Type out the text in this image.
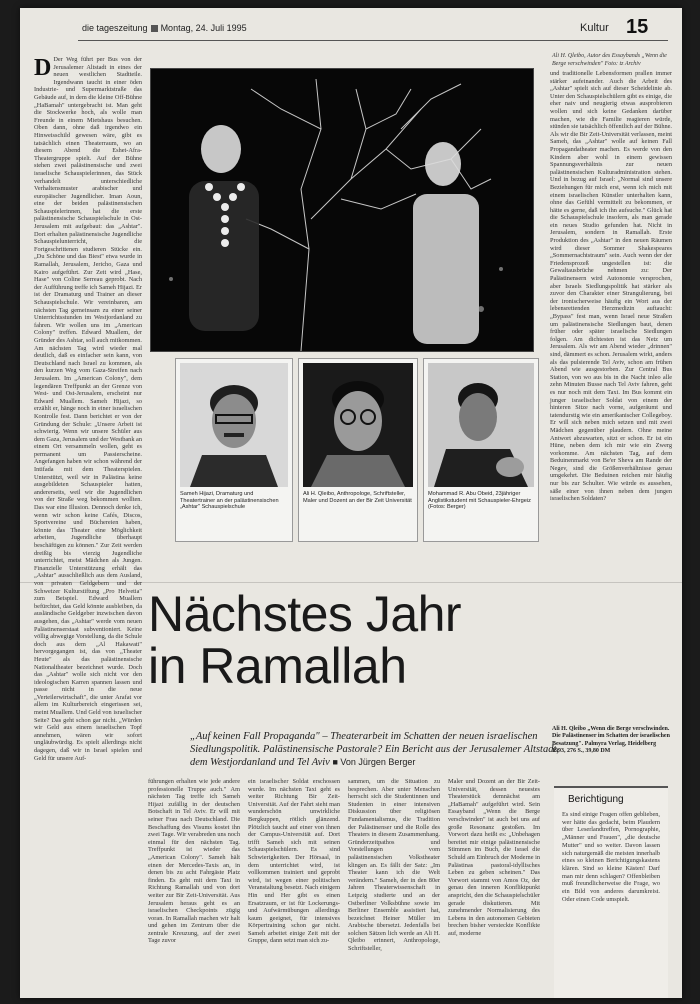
die tageszeitung Montag, 24. Juli 1995	Kultur 15
D Der Weg führt per Bus von der Jerusalemer Altstadt in eines der neuen westlichen Stadtteile. Irgendwann taucht in einer öden Industrie- und Supermarktstraße das Gebäude auf, in dem die kleine Off-Bühne „HaBamah" untergebracht ist. Man geht die Stockwerke hoch, als wolle man Freunde in einem Mietshaus besuchen. Oben dann, ohne daß irgendwo ein Hinweisschild gewesen wäre, gibt es tatsächlich einen Theaterraum, wo an diesem Abend die Eshet-Afra-Theatergruppe spielt. Auf der Bühne stehen zwei palästinensische und zwei israelische Schauspielerinnen, das Stück verhandelt unterschiedliche Verhaltensmuster arabischer und europäischer Jugendlicher. Iman Aoun, eine der beiden palästinensischen Schauspielerinnen, hat die erste palästinensische Schauspielschule in Ost-Jerusalem mit aufgebaut: das „Ashtar". Dort erhalten palästinensische Jugendliche Schauspielunterricht, die Fortgeschrittenen studieren Stücke ein. „Du Schöne und das Biest" etwa wurde in Ramallah, Jerusalem, Jericho, Gaza und Kairo aufgeführt. Zur Zeit wird „Hase, Hase" von Coline Serreau geprobt. Nach der Aufführung treffe ich Sameh Hijazi. Er ist der Dramaturg und Trainer an dieser Schauspielschule. Wir vereinbaren, am nächsten Tag gemeinsam zu einer seiner Unterrichtsstunden im Westjordanland zu fahren. Wir wollen uns im „American Colony" treffen. Edward Muallem, der Gründer des Ashtar, soll auch mitkommen. Am nächsten Tag wird wieder mal deutlich, daß es einfacher sein kann, von Deutschland nach Israel zu kommen, als den kurzen Weg vom Gaza-Streifen nach Jerusalem. Im „American Colony", dem legendären Treffpunkt an der Grenze von West- und Ost-Jerusalem, erscheint nur Edward Muallem. Sameh Hijazi, so erzählt er, hänge noch in einer israelischen Kontrolle fest. Dann berichtet er von der Gründung der Schule: „Unsere Arbeit ist schwierig. Wenn wir unsere Schüler aus dem Gaza, Jerusalem und der Westbank an einem Ort versammeln wollen, geht es permanent um Passierscheine. Angefangen haben wir schon während der Intifada mit dem Theaterspielen. Unterstützt, weil wir in Palästina keine ausgebildeten Schauspieler hatten, andererseits, weil wir die Jugendlichen von der Straße weg bekommen wollten. Das war eine Illusion. Dennoch denke ich, wenn wir schon keine Cafés, Discos, Sportvereine und Büchereien haben, könnte das Theater eine Möglichkeit arbeiten, Jugendliche überhaupt beschäftigen zu können." Zur Zeit werden dreißig bis vierzig Jugendliche unterrichtet, meist Mädchen als Jungen. Finanzielle Unterstützung erhält das „Ashtar" ausschließlich aus dem Ausland, von privaten Geldgebern und der Schweizer Kulturstiftung „Pro Helvetia" zum Beispiel. Edward Muallem befürchtet, das Geld könnte ausbleiben, da ausländische Geldgeber inzwischen davon ausgehen, das „Ashtar" werde vom neuen Palästinenserstaat subventioniert. Keine völlig abwegige Vorstellung, da die Schule doch aus dem „Al Hakawati" hervorgegangen ist, das von „Theater Heute" als das palästinensische Nationaltheater bezeichnet wurde. Doch das „Ashtar" wolle sich nicht vor den ideologischen Karren spannen lassen und passe nicht in die neue „Verteilerwirtschaft", die unter Arafat vor allem im Kulturbereich eingerissen sei, meint Muallem. Und Geld von israelischer Seite? Das geht schon gar nicht. „Würden wir Geld aus einem israelischen Topf annehmen, wären wir sofort ungläubwürdig. Es spielt allerdings nicht dagegen, daß wir in Israel spielen und Geld für unsere Auf-
Ali H. Qleibo, Autor des Essaybands „Wenn die Berge verschwinden" Foto: tz Archiv
Sameh Hijazi, Dramaturg und Theatertrainer an der palästinensischen „Ashtar" Schauspielschule
Ali H. Qleibo, Anthropologe, Schriftsteller, Maler und Dozent an der Bir Zeit Universität
Mohammad R. Abu Obeid, 23jähriger Anglistikstudent mit Schauspieler-Ehrgeiz (Fotos: Berger)
und traditionelle Lebensformen prallen immer stärker aufeinander. Auch die Arbeit des „Ashtar" spielt sich auf dieser Scheidelinie ab. Unter den Schauspielschülern gibt es einige, die eher naiv und neugierig etwas ausprobieren wollen und sich keine Gedanken darüber machen, wie die Familie reagieren würde, stünden sie tatsächlich öffentlich auf der Bühne. Als wir die Bir Zeit-Universität verlassen, meint Sameh, das „Ashtar" wolle auf keinen Fall Propagandatheater machen. Es werde von den Kindern aber wohl in einem gewissen Spannungsverhältnis zur neuen palästinensischen Kulturadministration stehen. Und in bezug auf Israel: „Normal sind unsere Beziehungen für mich erst, wenn ich mich mit einem israelischen Künstler unterhalten kann, ohne das Gefühl vermittelt zu bekommen, er hätte es gerne, daß ich ihn aufsuche." Glück hat die Schauspielschule insofern, als man gerade ein neues Studio gefunden hat. Nicht in Jerusalem, sondern in Ramallah. Erste Produktion des „Ashtar" in den neuen Räumen wird dieser Sommer Shakespeares „Sommernachtstraum" sein. Auch wenn der der Friedensprozeß ungestellen ist: die Gewaltausbrüche nehmen zu: Der Palästinensern wird Autonomie versprochen, aber Israels Siedlungspolitik hat stärker als zuvor den Charakter einer Strangulierung, bei der ironischerweise häufig ein Wort aus der lebensrettenden Herzmedizin auftaucht: „Bypass" fest man, wenn Israel neue Straßen um palästinensische Siedlungen baut, denen früher oder später israelische Siedlungen folgen. Am dichtesten ist das Netz um Jerusalem. Als wir am Abend wieder „drinnen" sind, dämmert es schon. Jerusalem wirkt, anders als das pulsierende Tel Aviv, schon am frühen Abend wie ausgestorben. Zur Central Bus Station, von wo aus bis in die Nacht inleo alle zehn Minuten Busse nach Tel Aviv fahren, geht es nur noch mit dem Taxi. Im Bus kommt ein junger israelischer Soldat von einem der hinteren Sitze nach vorne, aufgeräumt und tatendurstig wie ein amerikanischer Collegeboy. Er will sich neben mich setzen und mit zwei Mädchen gegenüber plaudern. Ohne meine Antwort abzuwarten, sitzt er schon. Er ist ein Hüne, neben dem ich mir wie ein Zwerg vorkomme. Am nächsten Tag, auf dem Beduinenmarkt von Be'er Sheva am Rande der Negev, sind die Größenverhältnisse genau umgekehrt. Die Beduinen reichen mir häufig nur bis zur Schulter. Wie würde es aussehen, säße einer von ihnen neben dem jungen israelischen Soldaten?
Ali H. Qleibo „Wenn die Berge verschwinden. Die Palästinenser im Schatten der israelischen Besatzung". Palmyra Verlag, Heidelberg 1993, 276 S., 39,80 DM
Nächstes Jahr
in Ramallah
„Auf keinen Fall Propaganda" – Theaterarbeit im Schatten der neuen israelischen Siedlungspolitik. Palästinensische Pastorale? Ein Bericht aus der Jerusalemer Altstadt, dem Westjordanland und Tel Aviv ■ Von Jürgen Berger
führungen erhalten wie jede andere professionelle Truppe auch." Am nächsten Tag treffe ich Sameh Hijazi zufällig in der deutschen Botschaft in Tel Aviv. Er will mit seiner Frau nach Deutschland. Die Beschaffung des Visums kostet ihn zwei Tage. Wir verabreden uns noch einmal für den nächsten Tag. Treffpunkt ist wieder das „American Colony". Sameh hält einen der Mercedes-Taxis an, in denen bis zu acht Fahrgäste Platz finden. Es geht mit dem Taxi in Richtung Ramallah und von dort weiter zur Bir Zeit-Universität. Aus Jerusalem heraus geht es an israelischen Checkpoints zügig voran. In Ramallah machen wir halt und gehen im Zentrum über die zentrale Kreuzung, auf der zwei Tage zuvor
ein israelischer Soldat erschossen wurde. Im nächsten Taxi geht es weiter Richtung Bir Zeit-Universität. Auf der Fahrt sieht man wunderschön unwirkliche Bergkuppen, rötlich glänzend. Plötzlich taucht auf einer von ihnen der Campus-Universität auf. Dort trifft Sameh sich mit seinen Schauspielschülern. Es sind Schwierigkeiten. Der Hörsaal, in dem unterrichtet wird, ist vollkommen trainiert und geprobt wird, ist wegen einer politischen Veranstaltung besetzt. Nach einigem Hin und Her gibt es einen Ersatzraum, er ist für Lockerungs- und Aufwärmübungen allerdings kaum geeignet, für intensives Körpertraining schon gar nicht. Sameh arbeitet einige Zeit mit der Gruppe, dann setzt man sich zu-
sammen, um die Situation zu besprechen. Aber unter Menschen herrscht sich die Studentinnen und Studenten in einer intensiven Diskussion über religiösen Fundamentalismus, die Tradition der Palästinenser und die Rolle des Theaters in diesem Zusammenhang. Gründerzeitpathos und Vorstellungen vom palästinensischen Volkstheater klingen an. Es fällt der Satz: „Im Theater kann ich die Welt verändern." Sameh, der in den 80er Jahren Theaterwissenschaft in Leipzig studierte und an der Ostberliner Volksbühne sowie im Berliner Ensemble assistiert hat, bezeichnet Heiner Müller im Arabische übersetzt. Jedenfalls bei solchen Sätzen lich werde an Ali H. Qleibo erinnert, Anthropologe, Schriftsteller,
Maler und Dozent an der Bir Zeit-Universität, dessen neuestes Theaterstück demnächst am „HaBamah" aufgeführt wird. Sein Essayband „Wenn die Berge verschwinden" ist auch bei uns auf große Resonanz gestoßen. Im Vorwort dazu heißt es: „Unbehagen bereitet mir einige palästinensische Stimmen im Buch, die Israel die Schuld am Einbruch der Moderne in Palästinas pastoral-idyllisches Leben zu geben scheinen." Das Vorwort stammt von Amos Oz, der genau den inneren Konfliktpunkt anspricht, den die Schauspielschüler gerade diskutieren. Mit zunehmender Normalisierung des Lebens in den autonomen Gebieten brechen bisher versteckte Konflikte auf, moderne
Berichtigung

Es sind einige Fragen offen geblieben, wer hätte das gedacht, beim Plaudern über Leserlandtreffen, Pornographie, „Männer und Frauen", „die deutsche Mutter" und so weiter. Davon lassen sich naturgemäß die meisten innerhalb eines so kleinen Berichtigungskastens klären. Sind so kleine Kästen! Darf man mir denn schlagen? Offenbleiben muß freundlicherweise die Frage, wo ein Bild von anderes darumkreist. Oder einen Code umspielt.
